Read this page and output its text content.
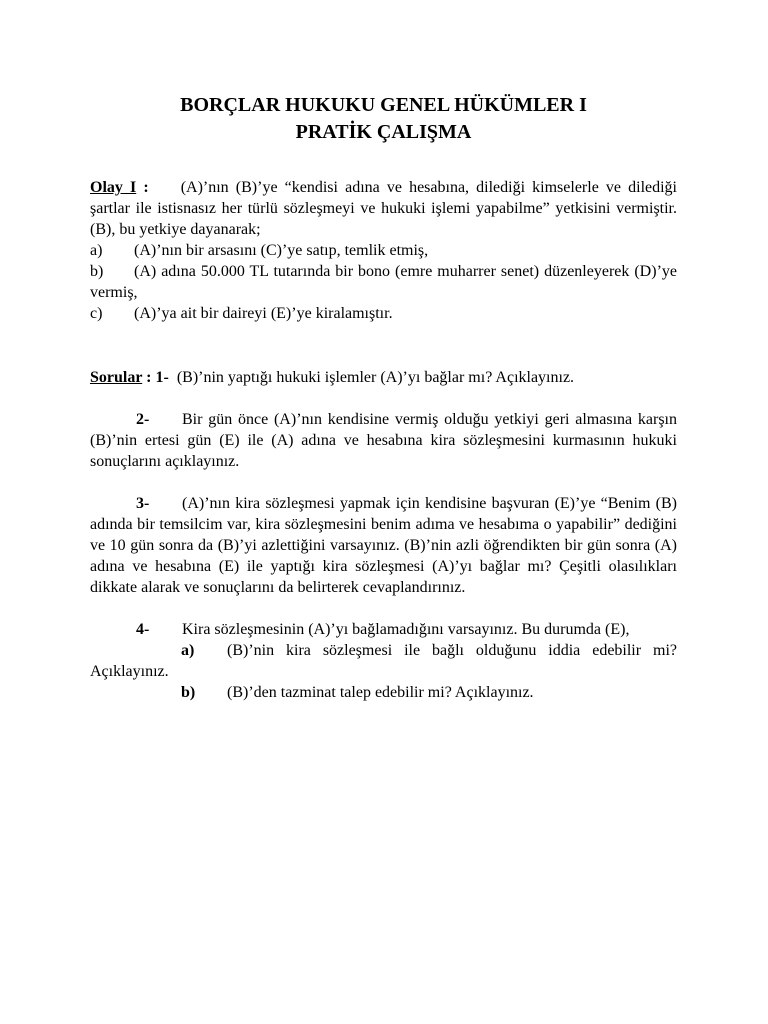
BORÇLAR HUKUKU GENEL HÜKÜMLER I
PRATİK ÇALIŞMA

Olay I : (A)’nın (B)’ye “kendisi adına ve hesabına, dilediği kimselerle ve dilediği şartlar ile istisnasız her türlü sözleşmeyi ve hukuki işlemi yapabilme” yetkisini vermiştir. (B), bu yetkiye dayanarak;

a) (A)’nın bir arsasını (C)’ye satıp, temlik etmiş,

b) (A) adına 50.000 TL tutarında bir bono (emre muharrer senet) düzenleyerek (D)’ye vermiş,

c) (A)’ya ait bir daireyi (E)’ye kiralamıştır.

Sorular : 1- (B)’nin yaptığı hukuki işlemler (A)’yı bağlar mı? Açıklayınız.

2- Bir gün önce (A)’nın kendisine vermiş olduğu yetkiyi geri almasına karşın (B)’nin ertesi gün (E) ile (A) adına ve hesabına kira sözleşmesini kurmasının hukuki sonuçlarını açıklayınız.

3- (A)’nın kira sözleşmesi yapmak için kendisine başvuran (E)’ye “Benim (B) adında bir temsilcim var, kira sözleşmesini benim adıma ve hesabıma o yapabilir” dediğini ve 10 gün sonra da (B)’yi azlettiğini varsayınız. (B)’nin azli öğrendikten bir gün sonra (A) adına ve hesabına (E) ile yaptığı kira sözleşmesi (A)’yı bağlar mı? Çeşitli olasılıkları dikkate alarak ve sonuçlarını da belirterek cevaplandırınız.

4- Kira sözleşmesinin (A)’yı bağlamadığını varsayınız. Bu durumda (E),

a) (B)’nin kira sözleşmesi ile bağlı olduğunu iddia edebilir mi? Açıklayınız.

b) (B)’den tazminat talep edebilir mi? Açıklayınız.
